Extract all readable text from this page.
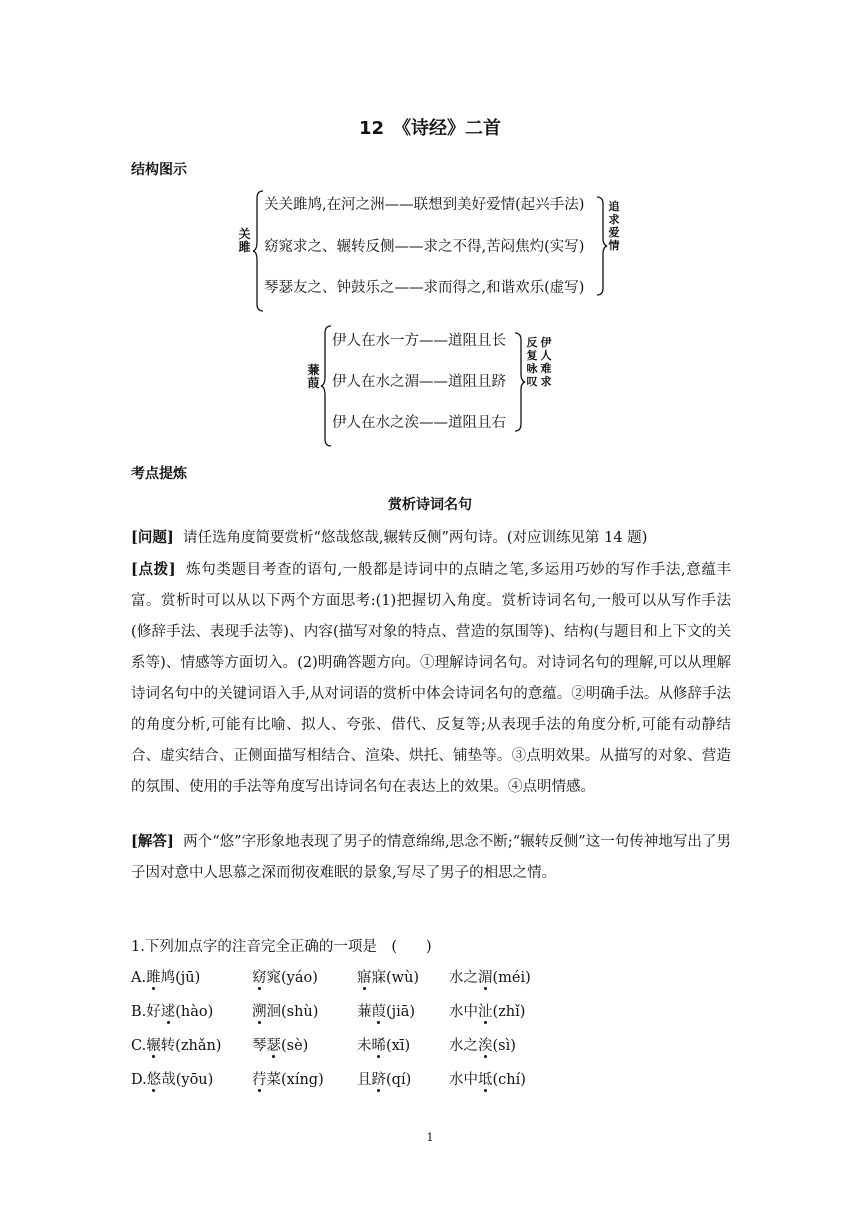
12　《诗经》二首
结构图示
关
雎
关关雎鸠,在河之洲——联想到美好爱情(起兴手法)
窈窕求之、辗转反侧——求之不得,苦闷焦灼(实写)
琴瑟友之、钟鼓乐之——求而得之,和谐欢乐(虚写)
追
求
爱
情
蒹
葭
伊人在水一方——道阻且长
伊人在水之湄——道阻且跻
伊人在水之涘——道阻且右
反
复
咏
叹
伊
人
难
求
考点提炼
赏析诗词名句
[问题] 请任选角度简要赏析“悠哉悠哉,辗转反侧”两句诗。(对应训练见第 14 题)
[点拨] 炼句类题目考查的语句,一般都是诗词中的点睛之笔,多运用巧妙的写作手法,意蕴丰富。赏析时可以从以下两个方面思考:(1)把握切入角度。赏析诗词名句,一般可以从写作手法(修辞手法、表现手法等)、内容(描写对象的特点、营造的氛围等)、结构(与题目和上下文的关系等)、情感等方面切入。(2)明确答题方向。①理解诗词名句。对诗词名句的理解,可以从理解诗词名句中的关键词语入手,从对词语的赏析中体会诗词名句的意蕴。②明确手法。从修辞手法的角度分析,可能有比喻、拟人、夸张、借代、反复等;从表现手法的角度分析,可能有动静结合、虚实结合、正侧面描写相结合、渲染、烘托、铺垫等。③点明效果。从描写的对象、营造的氛围、使用的手法等角度写出诗词名句在表达上的效果。④点明情感。
[解答] 两个“悠”字形象地表现了男子的情意绵绵,思念不断;“辗转反侧”这一句传神地写出了男子因对意中人思慕之深而彻夜难眠的景象,写尽了男子的相思之情。
1.下列加点字的注音完全正确的一项是　(　　)
A.雎鸠(jū)	窈窕(yáo)	寤寐(wù) 水之湄(méi)
B.好逑(hào)	溯洄(shù)	蒹葭(jiā) 水中沚(zhǐ)
C.辗转(zhǎn) 琴瑟(sè)	未晞(xī)	水之涘(sì)
D.悠哉(yōu)	荇菜(xíng) 且跻(qí)	水中坻(chí)
1
